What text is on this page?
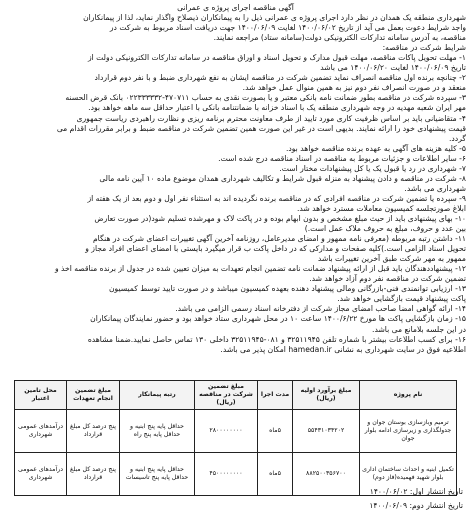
آگهی مناقصه اجرای پروژه ی عمرانی

شهرداری منطقه یک همدان در نظر دارد اجرای پروژه ی عمرانی ذیل را به پیمانکاران ذیصلاح واگذار نماید، لذا از پیمانکاران

واجد شرایط دعوت بعمل می آید از تاریخ ۱۴۰۰/۰۶/۰۲ لغایت ۱۴۰۰/۰۶/۰۹ جهت دریافت اسناد مربوط به شرکت در

مناقصه، به آدرس سامانه تدارکات الکترونیکی دولت(سامانه ستاد) مراجعه نمایند.

شرایط شرکت در مناقصه:

۱- مهلت تحویل پاکات مناقصه، مهلت قبول مدارک و تحویل اسناد و اوراق مناقصه در سامانه تدارکات الکترونیکی دولت از

تاریخ ۱۴۰۰/۰۶/۰۹ لغایت ۱۴۰۰/۰۶/۲۰ می باشد

۲- چنانچه برنده اول مناقصه انصراف نماید تضمین شرکت در مناقصه ایشان به نفع شهرداری ضبط و با نفر دوم قرارداد

منعقد و در صورت انصراف نفر دوم نیز به همین منوال عمل خواهد شد.

۳- سپرده شرکت در مناقصه بطور ضمانت نامه بانکی معتبر و یا بصورت نقدی به حساب ۴۷۰۷۱۱-۰۲۲۳۳۳۳۳۲ بانک قرض الحسنه

مهر ایران شعبه مهدیه در وجه شهرداری منطقه یک با اسناد خزانه با ضمانتنامه بانکی با اعتبار حداقل سه ماهه خواهد بود.

۴- متقاضیانی باید بر اساس ظرفیت کاری مورد تایید از طرف معاونت محترم برنامه ریزی و نظارت راهبردی ریاست جمهوری

قیمت پیشنهادی خود را ارائه نمایند. بدیهی است در غیر این صورت همین تضمین شرکت در مناقصه ضبط و برابر مقررات اقدام می

گردد.

۵- کلیه هزینه های آگهی به عهده برنده مناقصه خواهد بود.

۶- سایر اطلاعات و جزئیات مربوط به مناقصه در اسناد مناقصه درج شده است.

۷- شهرداری در رد یا قبول یک یا کل پیشنهادات مختار است.

۸- شرکت در مناقصه و دادن پیشنهاد به منزله قبول شرایط و تکالیف شهرداری همدان موضوع ماده ۱۰ آیین نامه مالی

شهرداری می باشد.

۹- سپرده یا تضمین شرکت در مناقصه افرادی که در مناقصه برنده نگردیده اند به استثناء نفر اول و دوم بعد از یک هفته از

ابلاغ صورتجلسه کمیسیون معاملات مسترد خواهد شد.

۱۰- بهای پیشنهادی باید از حیث مبلغ مشخص و بدون ابهام بوده و در پاکت لاک و مهرشده تسلیم شود(در صورت تعارض

بین عدد و حروف، مبلغ به حروف ملاک عمل است.)

۱۱- داشتن رتبه مربوطه (معرفی نامه ممهور و امضای مدیرعامل، روزنامه آخرین آگهی تغییرات اعضای شرکت در هنگام

تحویل اسناد الزامی است.)کلیه صفحات و مدارکی که در داخل پاکت ب قرار میگیرد بایستی با امضای اعضای افراد مجاز و

ممهور به مهر شرکت طبق آخرین تغییرات باشد

۱۲- پیشنهاددهندگان باید قبل از ارائه پیشنهاد ضمانت نامه تضمین انجام تعهدات به میزان تعیین شده در جدول از برنده مناقصه اخذ و

تضمین شرکت در مناقصه نفر دوم آزاد خواهد شد.

۱۳- ارزیابی توانمندی فنی-بازرگانی ومالی پیشنهاد دهنده بعهده کمیسیون میباشد و در صورت تایید توسط کمیسیون

پاکت پیشنهاد قیمت بازگشایی خواهد شد.

۱۴- ارائه گواهی امضا صاحب امضای مجاز شرکت از دفترخانه اسناد رسمی الزامی می باشد.

۱۵- زمان بازگشایی پاکت ها مورخ ۱۴۰۰/۶/۲۲ ساعت ۱۰ در محل شهرداری ستاد خواهد بود و حضور نمایندگان پیمانکاران

در این جلسه بلامانع می باشد.

۱۶- برای کسب اطلاعات بیشتر با شماره تلفن ۳۲۵۱۱۹۴۵ و ۰۸۱-۳۲۵۱۱۹۴۵ داخلی ۱۳۰ تماس حاصل نمایید.ضمنا مشاهده

اطلاعیه فوق در سایت شهرداری به نشانی hamedan.ir امکان پذیر می باشد.

نام پروژه	مبلغ برآورد اولیه (ریال)	مدت اجرا	مبلغ تضمین شرکت در مناقصه (ریال)	رتبه پیمانکار	مبلغ تضمین انجام تعهدات	محل تامین اعتبار
ترمیم وبازسازی بوستان جوان و جدولگذاری و زیرسازی ادامه بلوار جوان	۵۵۴۳۱۰۳۴۲۰۲	۵ماه	۲۸۰۰۰۰۰۰۰۰	حداقل پایه پنج ابنیه و حداقل پایه پنج راه	پنج درصد کل مبلغ قرارداد	درآمدهای عمومی شهرداری
تکمیل ابنیه و احداث ساختمان اداری بلوار شهید فهمیده(فاز دوم)	۸۸۲۵۰۰۳۵۶۷۰۰	۵ماه	۴۵۰۰۰۰۰۰۰۰	حداقل پایه پنج ابنیه و حداقل پایه پنج تاسیسات	پنج درصد کل مبلغ قرارداد	درآمدهای عمومی شهرداری
تاریخ انتشار اول: ۱۴۰۰/۰۶/۰۲
تاریخ انتشار دوم: ۱۴۰۰/۰۶/۰۹
